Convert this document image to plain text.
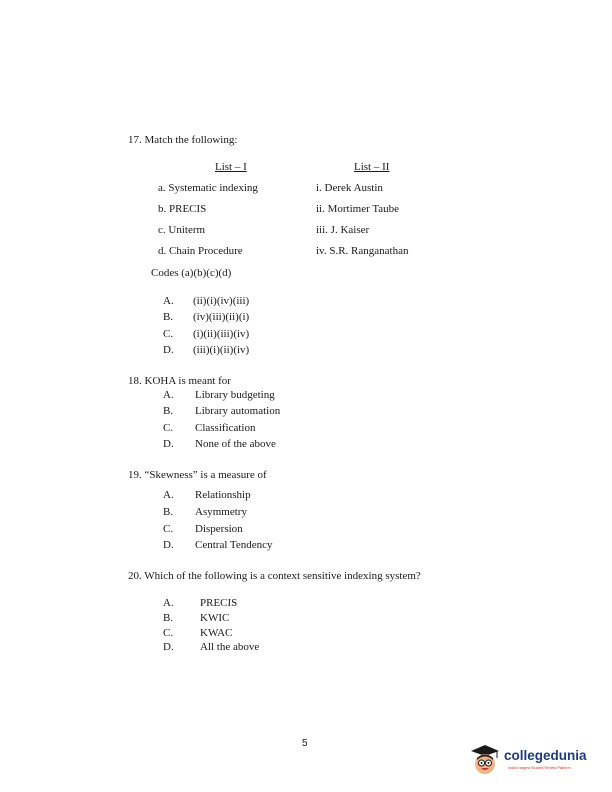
17. Match the following:
List – I	List – II
a. Systematic indexing
b. PRECIS
c. Uniterm
d. Chain Procedure
i. Derek Austin
ii. Mortimer Taube
iii. J. Kaiser
iv. S.R. Ranganathan
Codes (a)(b)(c)(d)
A. (ii)(i)(iv)(iii)
B. (iv)(iii)(ii)(i)
C. (i)(ii)(iii)(iv)
D. (iii)(i)(ii)(iv)
18. KOHA is meant for
A. Library budgeting
B. Library automation
C. Classification
D. None of the above
19. “Skewness” is a measure of
A. Relationship
B. Asymmetry
C. Dispersion
D. Central Tendency
20. Which of the following is a context sensitive indexing system?
A. PRECIS
B. KWIC
C. KWAC
D. All the above
5
collegedunia
India's largest Student Review Platform
